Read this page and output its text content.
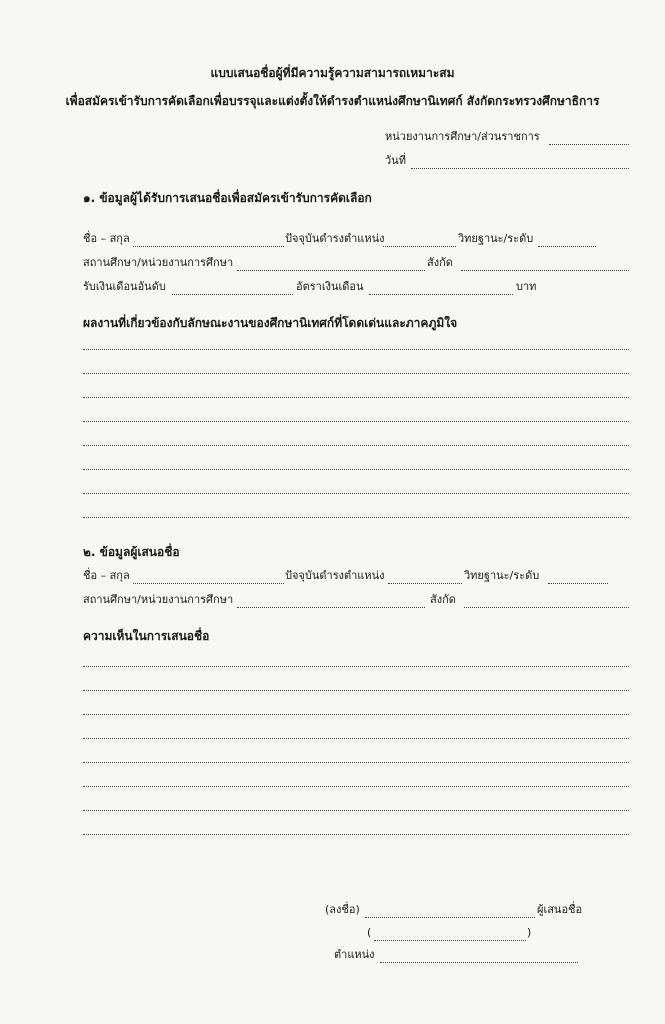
แบบเสนอชื่อผู้ที่มีความรู้ความสามารถเหมาะสม
เพื่อสมัครเข้ารับการคัดเลือกเพื่อบรรจุและแต่งตั้งให้ดำรงตำแหน่งศึกษานิเทศก์ สังกัดกระทรวงศึกษาธิการ
หน่วยงานการศึกษา/ส่วนราชการ
วันที่
๑. ข้อมูลผู้ได้รับการเสนอชื่อเพื่อสมัครเข้ารับการคัดเลือก
ชื่อ – สกุล	ปัจจุบันดำรงตำแหน่ง	วิทยฐานะ/ระดับ
สถานศึกษา/หน่วยงานการศึกษา	สังกัด
รับเงินเดือนอันดับ	อัตราเงินเดือน	บาท
ผลงานที่เกี่ยวข้องกับลักษณะงานของศึกษานิเทศก์ที่โดดเด่นและภาคภูมิใจ
๒. ข้อมูลผู้เสนอชื่อ
ชื่อ – สกุล	ปัจจุบันดำรงตำแหน่ง	วิทยฐานะ/ระดับ
สถานศึกษา/หน่วยงานการศึกษา	สังกัด
ความเห็นในการเสนอชื่อ
(ลงชื่อ)	ผู้เสนอชื่อ
(	)
ตำแหน่ง
